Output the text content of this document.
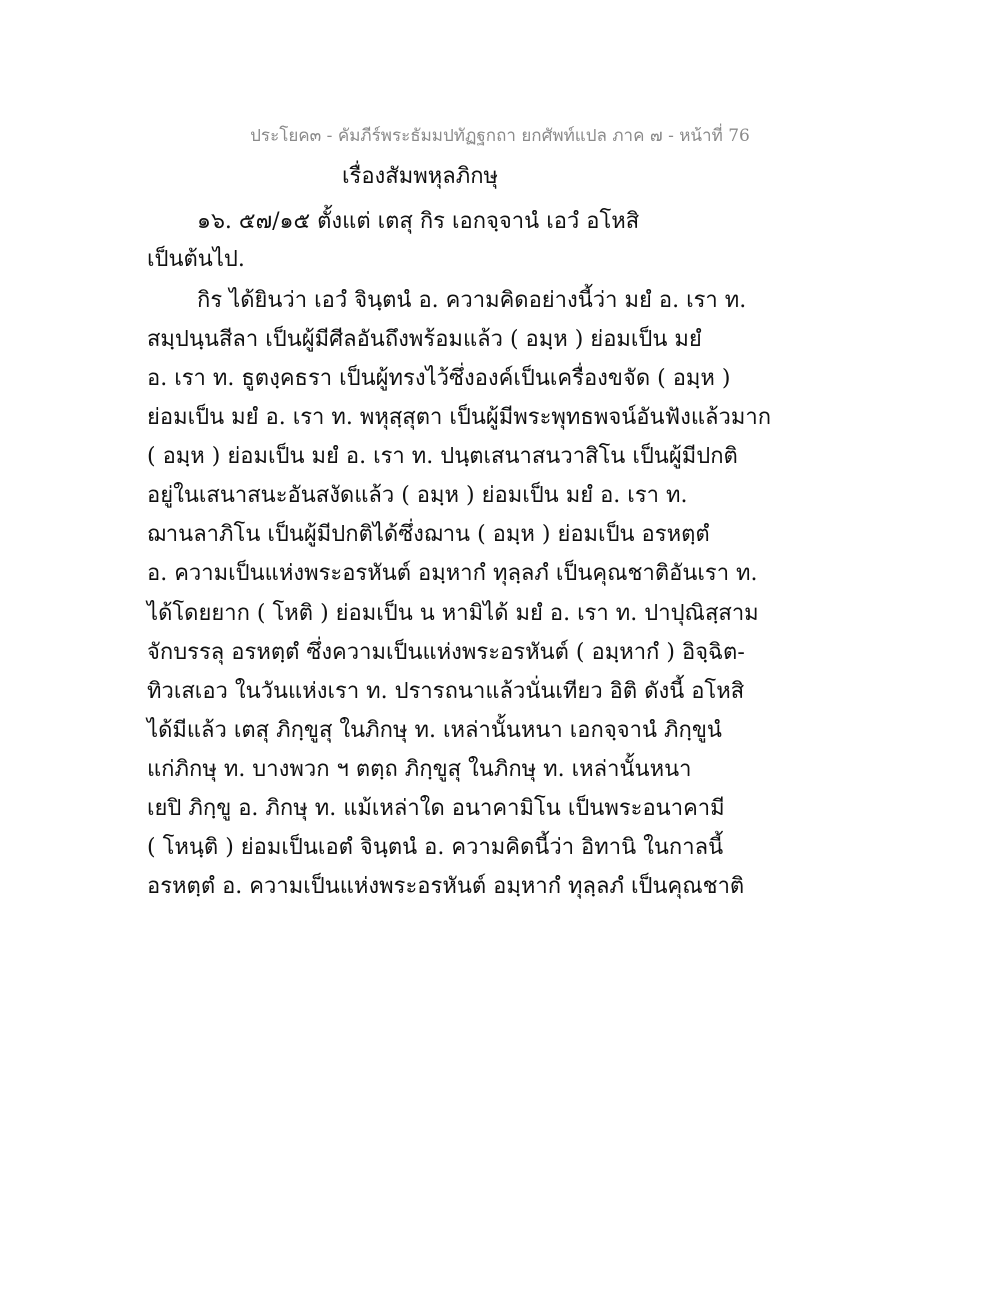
ประโยค๓ - คัมภีร์พระธัมมปทัฏฐกถา ยกศัพท์แปล ภาค ๗ - หน้าที่ 76
เรื่องสัมพหุลภิกษุ
๑๖. ๕๗/๑๕ ตั้งแต่ เตสุ กิร เอกจฺจานํ เอวํ อโหสิ
เป็นต้นไป.
กิร ได้ยินว่า เอวํ จินฺตนํ อ. ความคิดอย่างนี้ว่า มยํ อ. เรา ท.
สมฺปนฺนสีลา เป็นผู้มีศีลอันถึงพร้อมแล้ว ( อมฺห ) ย่อมเป็น มยํ
อ. เรา ท. ธูตงฺคธรา เป็นผู้ทรงไว้ซึ่งองค์เป็นเครื่องขจัด ( อมฺห )
ย่อมเป็น มยํ อ. เรา ท. พหุสฺสุตา เป็นผู้มีพระพุทธพจน์อันฟังแล้วมาก
( อมฺห ) ย่อมเป็น มยํ อ. เรา ท. ปนฺตเสนาสนวาสิโน เป็นผู้มีปกติ
อยู่ในเสนาสนะอันสงัดแล้ว ( อมฺห ) ย่อมเป็น มยํ อ. เรา ท.
ฌานลาภิโน เป็นผู้มีปกติได้ซึ่งฌาน ( อมฺห ) ย่อมเป็น อรหตฺตํ
อ. ความเป็นแห่งพระอรหันต์ อมฺหากํ ทุลฺลภํ เป็นคุณชาติอันเรา ท.
ได้โดยยาก ( โหติ ) ย่อมเป็น น หามิได้ มยํ อ. เรา ท. ปาปุณิสฺสาม
จักบรรลุ อรหตฺตํ ซึ่งความเป็นแห่งพระอรหันต์ ( อมฺหากํ ) อิจฺฉิต-
ทิวเสเอว ในวันแห่งเรา ท. ปรารถนาแล้วนั่นเทียว อิติ ดังนี้ อโหสิ
ได้มีแล้ว เตสุ ภิกฺขูสุ ในภิกษุ ท. เหล่านั้นหนา เอกจฺจานํ ภิกฺขูนํ
แก่ภิกษุ ท. บางพวก ฯ ตตฺถ ภิกฺขูสุ ในภิกษุ ท. เหล่านั้นหนา
เยปิ ภิกฺขู อ. ภิกษุ ท. แม้เหล่าใด อนาคามิโน เป็นพระอนาคามี
( โหนฺติ ) ย่อมเป็นเอตํ จินฺตนํ อ. ความคิดนี้ว่า อิทานิ ในกาลนี้
อรหตฺตํ อ. ความเป็นแห่งพระอรหันต์ อมฺหากํ ทุลฺลภํ เป็นคุณชาติ
